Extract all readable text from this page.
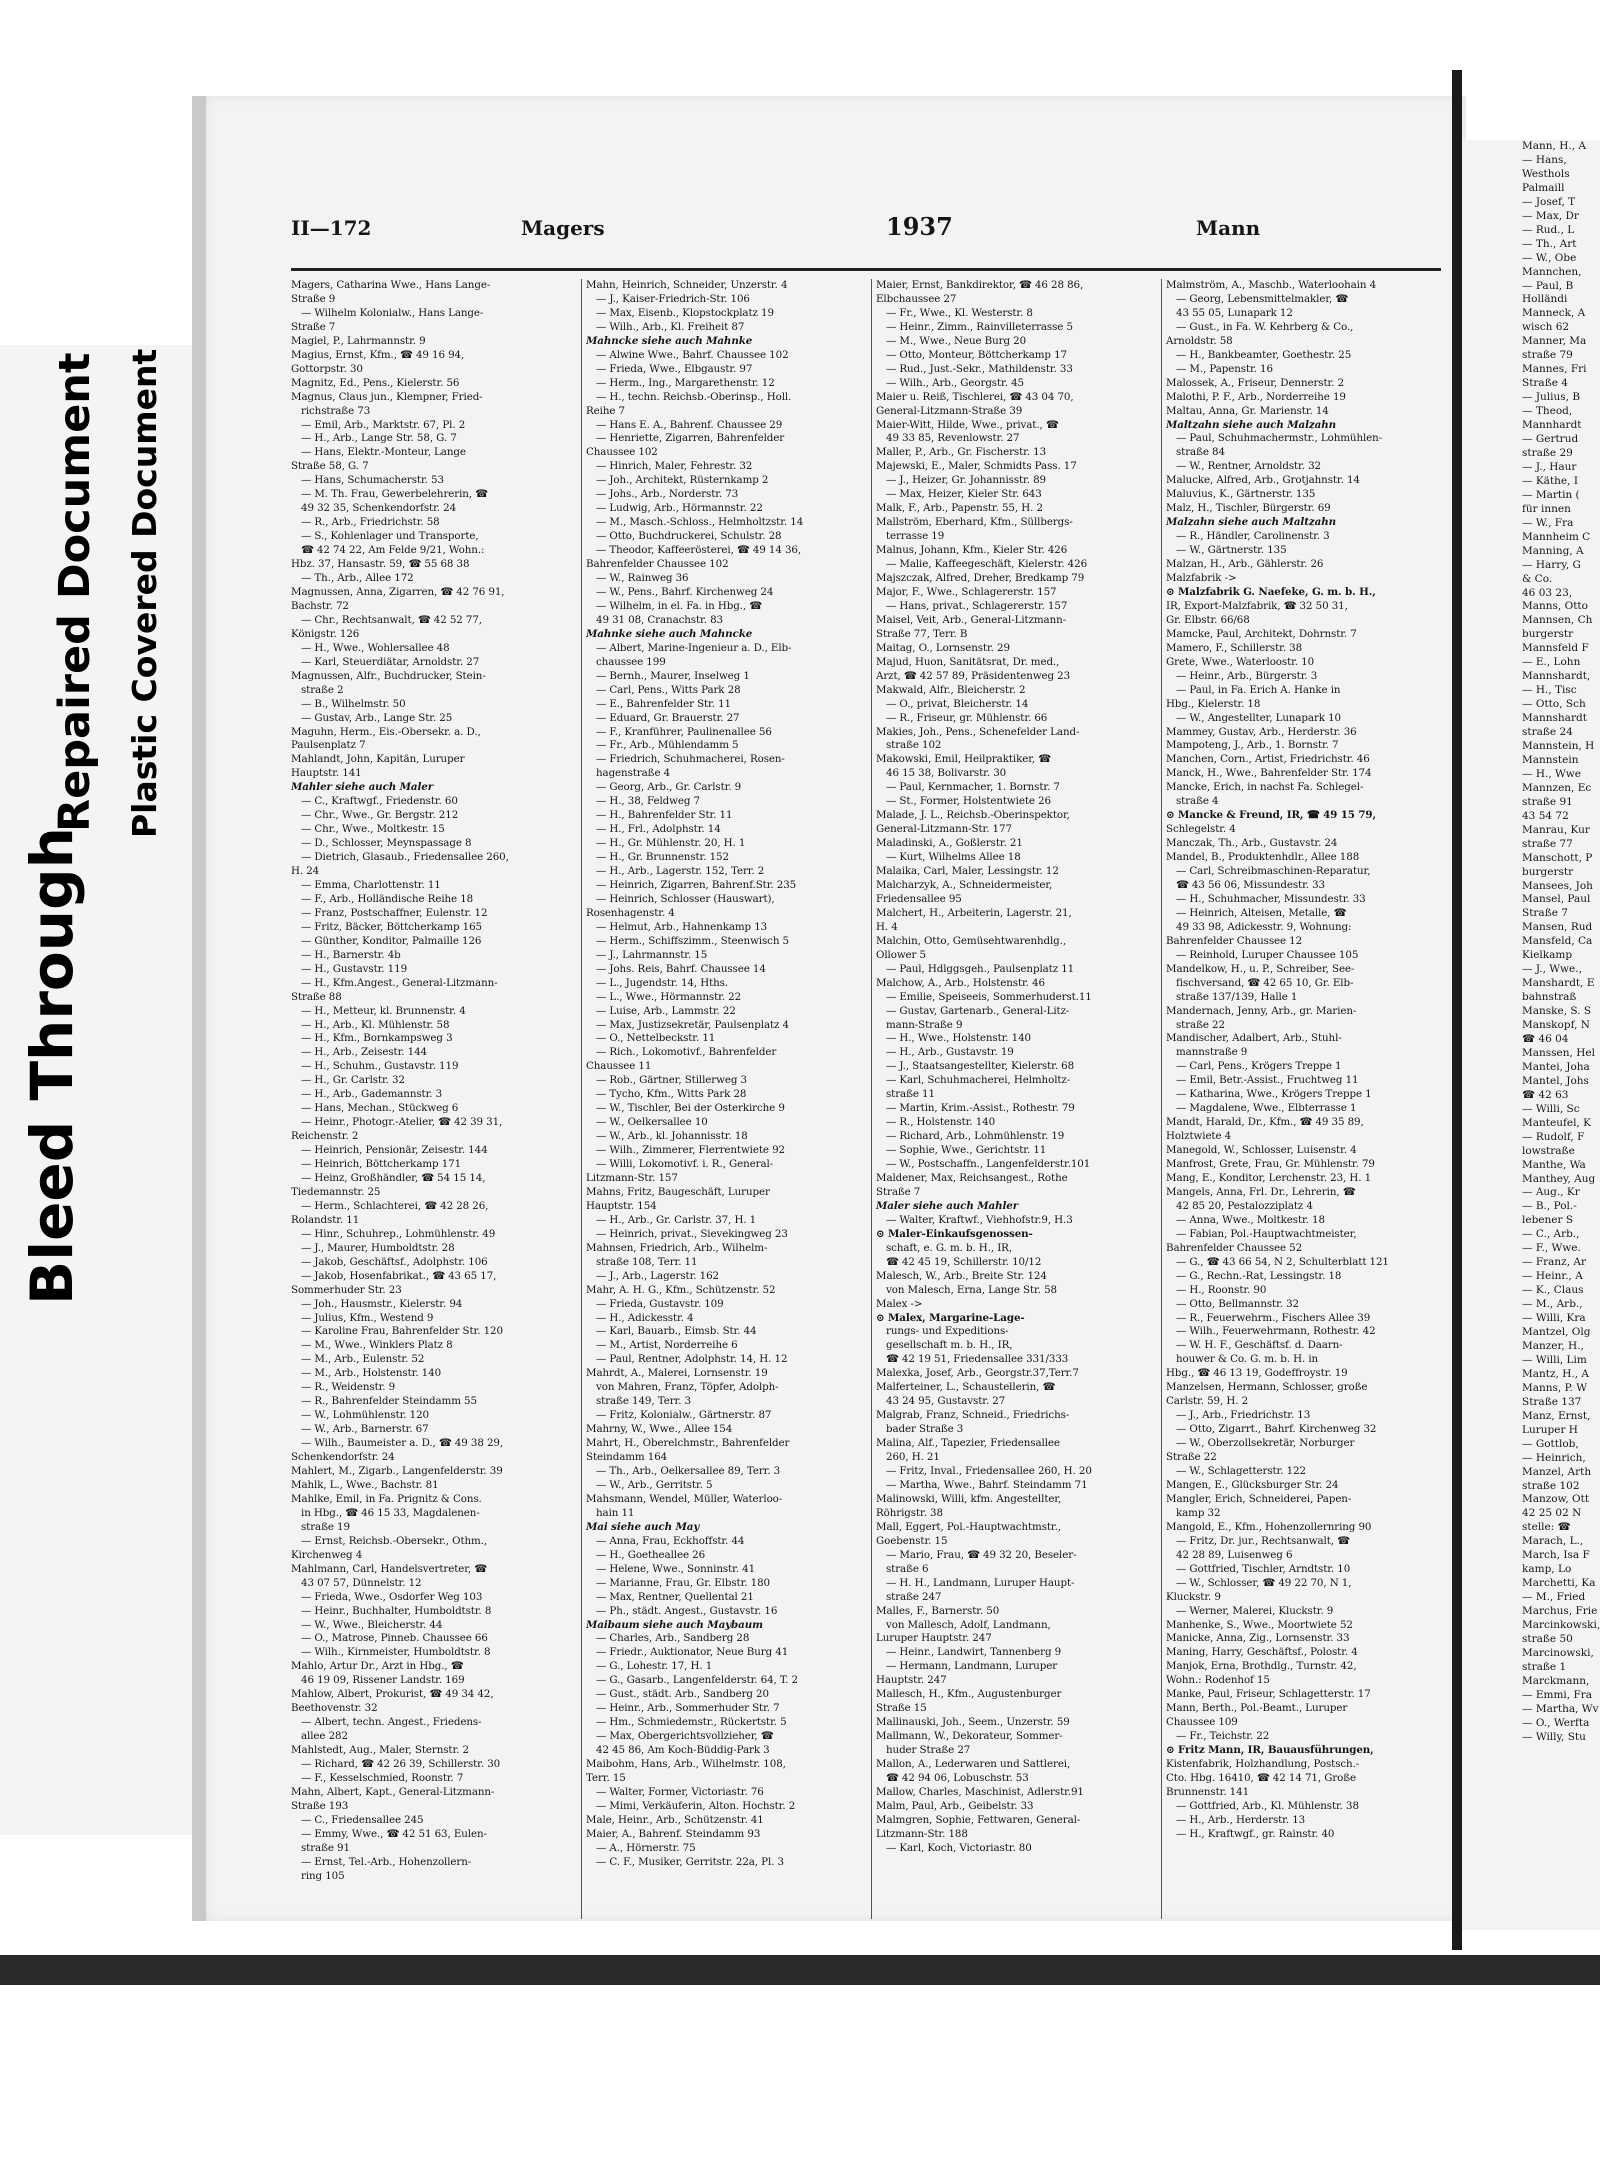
Bleed Through
Repaired Document Plastic Covered Document
II—172	Magers	1937	Mann
Magers, Catharina Wwe., Hans Lange-
Straße 9
— Wilhelm Kolonialw., Hans Lange-
Straße 7
Magiel, P., Lahrmannstr. 9
Magius, Ernst, Kfm., ☎ 49 16 94,
Gottorpstr. 30
Magnitz, Ed., Pens., Kielerstr. 56
Magnus, Claus jun., Klempner, Fried-
richstraße 73
— Emil, Arb., Marktstr. 67, Pl. 2
— H., Arb., Lange Str. 58, G. 7
— Hans, Elektr.-Monteur, Lange
Straße 58, G. 7
— Hans, Schumacherstr. 53
— M. Th. Frau, Gewerbelehrerin, ☎
49 32 35, Schenkendorfstr. 24
— R., Arb., Friedrichstr. 58
— S., Kohlenlager und Transporte,
☎ 42 74 22, Am Felde 9/21, Wohn.:
Hbz. 37, Hansastr. 59, ☎ 55 68 38
— Th., Arb., Allee 172
Magnussen, Anna, Zigarren, ☎ 42 76 91,
Bachstr. 72
— Chr., Rechtsanwalt, ☎ 42 52 77,
Königstr. 126
— H., Wwe., Wohlersallee 48
— Karl, Steuerdiätar, Arnoldstr. 27
Magnussen, Alfr., Buchdrucker, Stein-
straße 2
— B., Wilhelmstr. 50
— Gustav, Arb., Lange Str. 25
Maguhn, Herm., Eis.-Obersekr. a. D.,
Paulsenplatz 7
Mahlandt, John, Kapitän, Luruper
Hauptstr. 141
Mahler siehe auch Maler
— C., Kraftwgf., Friedenstr. 60
— Chr., Wwe., Gr. Bergstr. 212
— Chr., Wwe., Moltkestr. 15
— D., Schlosser, Meynspassage 8
— Dietrich, Glasaub., Friedensallee 260,
H. 24
— Emma, Charlottenstr. 11
— F., Arb., Holländische Reihe 18
— Franz, Postschaffner, Eulenstr. 12
— Fritz, Bäcker, Böttcherkamp 165
— Günther, Konditor, Palmaille 126
— H., Barnerstr. 4b
— H., Gustavstr. 119
— H., Kfm.Angest., General-Litzmann-
Straße 88
— H., Metteur, kl. Brunnenstr. 4
— H., Arb., Kl. Mühlenstr. 58
— H., Kfm., Bornkampsweg 3
— H., Arb., Zeisestr. 144
— H., Schuhm., Gustavstr. 119
— H., Gr. Carlstr. 32
— H., Arb., Gademannstr. 3
— Hans, Mechan., Stückweg 6
— Heinr., Photogr.-Atelier, ☎ 42 39 31,
Reichenstr. 2
— Heinrich, Pensionär, Zeisestr. 144
— Heinrich, Böttcherkamp 171
— Heinz, Großhändler, ☎ 54 15 14,
Tiedemannstr. 25
— Herm., Schlachterei, ☎ 42 28 26,
Rolandstr. 11
— Hinr., Schuhrep., Lohmühlenstr. 49
— J., Maurer, Humboldtstr. 28
— Jakob, Geschäftsf., Adolphstr. 106
— Jakob, Hosenfabrikat., ☎ 43 65 17,
Sommerhuder Str. 23
— Joh., Hausmstr., Kielerstr. 94
— Julius, Kfm., Westend 9
— Karoline Frau, Bahrenfelder Str. 120
— M., Wwe., Winklers Platz 8
— M., Arb., Eulenstr. 52
— M., Arb., Holstenstr. 140
— R., Weidenstr. 9
— R., Bahrenfelder Steindamm 55
— W., Lohmühlenstr. 120
— W., Arb., Barnerstr. 67
— Wilh., Baumeister a. D., ☎ 49 38 29,
Schenkendorfstr. 24
Mahlert, M., Zigarb., Langenfelderstr. 39
Mahlk, L., Wwe., Bachstr. 81
Mahlke, Emil, in Fa. Prignitz & Cons.
in Hbg., ☎ 46 15 33, Magdalenen-
straße 19
— Ernst, Reichsb.-Obersekr., Othm.,
Kirchenweg 4
Mahlmann, Carl, Handelsvertreter, ☎
43 07 57, Dünnelstr. 12
— Frieda, Wwe., Osdorfer Weg 103
— Heinr., Buchhalter, Humboldtstr. 8
— W., Wwe., Bleicherstr. 44
— O., Matrose, Pinneb. Chaussee 66
— Wilh., Kirnmeister, Humboldtstr. 8
Mahlo, Artur Dr., Arzt in Hbg., ☎
46 19 09, Rissener Landstr. 169
Mahlow, Albert, Prokurist, ☎ 49 34 42,
Beethovenstr. 32
— Albert, techn. Angest., Friedens-
allee 282
Mahlstedt, Aug., Maler, Sternstr. 2
— Richard, ☎ 42 26 39, Schillerstr. 30
— F., Kesselschmied, Roonstr. 7
Mahn, Albert, Kapt., General-Litzmann-
Straße 193
— C., Friedensallee 245
— Emmy, Wwe., ☎ 42 51 63, Eulen-
straße 91
— Ernst, Tel.-Arb., Hohenzollern-
ring 105
Mahn, Heinrich, Schneider, Unzerstr. 4
— J., Kaiser-Friedrich-Str. 106
— Max, Eisenb., Klopstockplatz 19
— Wilh., Arb., Kl. Freiheit 87
Mahncke siehe auch Mahnke
— Alwine Wwe., Bahrf. Chaussee 102
— Frieda, Wwe., Elbgaustr. 97
— Herm., Ing., Margarethenstr. 12
— H., techn. Reichsb.-Oberinsp., Holl.
Reihe 7
— Hans E. A., Bahrenf. Chaussee 29
— Henriette, Zigarren, Bahrenfelder
Chaussee 102
— Hinrich, Maler, Fehrestr. 32
— Joh., Architekt, Rüsternkamp 2
— Johs., Arb., Norderstr. 73
— Ludwig, Arb., Hörmannstr. 22
— M., Masch.-Schloss., Helmholtzstr. 14
— Otto, Buchdruckerei, Schulstr. 28
— Theodor, Kaffeerösterei, ☎ 49 14 36,
Bahrenfelder Chaussee 102
— W., Rainweg 36
— W., Pens., Bahrf. Kirchenweg 24
— Wilhelm, in el. Fa. in Hbg., ☎
49 31 08, Cranachstr. 83
Mahnke siehe auch Mahncke
— Albert, Marine-Ingenieur a. D., Elb-
chaussee 199
— Bernh., Maurer, Inselweg 1
— Carl, Pens., Witts Park 28
— E., Bahrenfelder Str. 11
— Eduard, Gr. Brauerstr. 27
— F., Kranführer, Paulinenallee 56
— Fr., Arb., Mühlendamm 5
— Friedrich, Schuhmacherei, Rosen-
hagenstraße 4
— Georg, Arb., Gr. Carlstr. 9
— H., 38, Feldweg 7
— H., Bahrenfelder Str. 11
— H., Frl., Adolphstr. 14
— H., Gr. Mühlenstr. 20, H. 1
— H., Gr. Brunnenstr. 152
— H., Arb., Lagerstr. 152, Terr. 2
— Heinrich, Zigarren, Bahrenf.Str. 235
— Heinrich, Schlosser (Hauswart),
Rosenhagenstr. 4
— Helmut, Arb., Hahnenkamp 13
— Herm., Schiffszimm., Steenwisch 5
— J., Lahrmannstr. 15
— Johs. Reis, Bahrf. Chaussee 14
— L., Jugendstr. 14, Hths.
— L., Wwe., Hörmannstr. 22
— Luise, Arb., Lammstr. 22
— Max, Justizsekretär, Paulsenplatz 4
— O., Nettelbeckstr. 11
— Rich., Lokomotivf., Bahrenfelder
Chaussee 11
— Rob., Gärtner, Stillerweg 3
— Tycho, Kfm., Witts Park 28
— W., Tischler, Bei der Osterkirche 9
— W., Oelkersallee 10
— W., Arb., kl. Johannisstr. 18
— Wilh., Zimmerer, Flerrentwiete 92
— Willi, Lokomotivf. i. R., General-
Litzmann-Str. 157
Mahns, Fritz, Baugeschäft, Luruper
Hauptstr. 154
— H., Arb., Gr. Carlstr. 37, H. 1
— Heinrich, privat., Sievekingweg 23
Mahnsen, Friedrich, Arb., Wilhelm-
straße 108, Terr. 11
— J., Arb., Lagerstr. 162
Mahr, A. H. G., Kfm., Schützenstr. 52
— Frieda, Gustavstr. 109
— H., Adickesstr. 4
— Karl, Bauarb., Eimsb. Str. 44
— M., Artist, Norderreihe 6
— Paul, Rentner, Adolphstr. 14, H. 12
Mahrdt, A., Malerei, Lornsenstr. 19
von Mahren, Franz, Töpfer, Adolph-
straße 149, Terr. 3
— Fritz, Kolonialw., Gärtnerstr. 87
Mahrny, W., Wwe., Allee 154
Mahrt, H., Oberelchmstr., Bahrenfelder
Steindamm 164
— Th., Arb., Oelkersallee 89, Terr. 3
— W., Arb., Gerritstr. 5
Mahsmann, Wendel, Müller, Waterloo-
hain 11
Mai siehe auch May
— Anna, Frau, Eckhoffstr. 44
— H., Goetheallee 26
— Helene, Wwe., Sonninstr. 41
— Marianne, Frau, Gr. Elbstr. 180
— Max, Rentner, Quellental 21
— Ph., städt. Angest., Gustavstr. 16
Maibaum siehe auch Maybaum
— Charles, Arb., Sandberg 28
— Friedr., Auktionator, Neue Burg 41
— G., Lohestr. 17, H. 1
— G., Gasarb., Langenfelderstr. 64, T. 2
— Gust., städt. Arb., Sandberg 20
— Heinr., Arb., Sommerhuder Str. 7
— Hm., Schmiedemstr., Rückertstr. 5
— Max, Obergerichtsvollzieher, ☎
42 45 86, Am Koch-Büddig-Park 3
Maibohm, Hans, Arb., Wilhelmstr. 108,
Terr. 15
— Walter, Former, Victoriastr. 76
— Mimi, Verkäuferin, Alton. Hochstr. 2
Male, Heinr., Arb., Schützenstr. 41
Maier, A., Bahrenf. Steindamm 93
— A., Hörnerstr. 75
— C. F., Musiker, Gerritstr. 22a, Pl. 3
Maier, Ernst, Bankdirektor, ☎ 46 28 86,
Elbchaussee 27
— Fr., Wwe., Kl. Westerstr. 8
— Heinr., Zimm., Rainvilleterrasse 5
— M., Wwe., Neue Burg 20
— Otto, Monteur, Böttcherkamp 17
— Rud., Just.-Sekr., Mathildenstr. 33
— Wilh., Arb., Georgstr. 45
Maier u. Reiß, Tischlerei, ☎ 43 04 70,
General-Litzmann-Straße 39
Maier-Witt, Hilde, Wwe., privat., ☎
49 33 85, Revenlowstr. 27
Maller, P., Arb., Gr. Fischerstr. 13
Majewski, E., Maler, Schmidts Pass. 17
— J., Heizer, Gr. Johannisstr. 89
— Max, Heizer, Kieler Str. 643
Malk, F., Arb., Papenstr. 55, H. 2
Mallström, Eberhard, Kfm., Süllbergs-
terrasse 19
Malnus, Johann, Kfm., Kieler Str. 426
— Malie, Kaffeegeschäft, Kielerstr. 426
Majszczak, Alfred, Dreher, Bredkamp 79
Major, F., Wwe., Schlagererstr. 157
— Hans, privat., Schlagererstr. 157
Maisel, Veit, Arb., General-Litzmann-
Straße 77, Terr. B
Maitag, O., Lornsenstr. 29
Majud, Huon, Sanitätsrat, Dr. med.,
Arzt, ☎ 42 57 89, Präsidentenweg 23
Makwald, Alfr., Bleicherstr. 2
— O., privat, Bleicherstr. 14
— R., Friseur, gr. Mühlenstr. 66
Makies, Joh., Pens., Schenefelder Land-
straße 102
Makowski, Emil, Heilpraktiker, ☎
46 15 38, Bolivarstr. 30
— Paul, Kernmacher, 1. Bornstr. 7
— St., Former, Holstentwiete 26
Malade, J. L., Reichsb.-Oberinspektor,
General-Litzmann-Str. 177
Maladinski, A., Goßlerstr. 21
— Kurt, Wilhelms Allee 18
Malaika, Carl, Maler, Lessingstr. 12
Malcharzyk, A., Schneidermeister,
Friedensallee 95
Malchert, H., Arbeiterin, Lagerstr. 21,
H. 4
Malchin, Otto, Gemüsehtwarenhdlg.,
Ollower 5
— Paul, Hdlggsgeh., Paulsenplatz 11
Malchow, A., Arb., Holstenstr. 46
— Emilie, Speiseeis, Sommerhuderst.11
— Gustav, Gartenarb., General-Litz-
mann-Straße 9
— H., Wwe., Holstenstr. 140
— H., Arb., Gustavstr. 19
— J., Staatsangestellter, Kielerstr. 68
— Karl, Schuhmacherei, Helmholtz-
straße 11
— Martin, Krim.-Assist., Rothestr. 79
— R., Holstenstr. 140
— Richard, Arb., Lohmühlenstr. 19
— Sophie, Wwe., Gerichtstr. 11
— W., Postschaffn., Langenfelderstr.101
Maldener, Max, Reichsangest., Rothe
Straße 7
Maler siehe auch Mahler
— Walter, Kraftwf., Viehhofstr.9, H.3
⊙ Maler-Einkaufsgenossen-
schaft, e. G. m. b. H., IR,
☎ 42 45 19, Schillerstr. 10/12
Malesch, W., Arb., Breite Str. 124
von Malesch, Erna, Lange Str. 58
Malex ->
⊙ Malex, Margarine-Lage-
rungs- und Expeditions-
gesellschaft m. b. H., IR,
☎ 42 19 51, Friedensallee 331/333
Malexka, Josef, Arb., Georgstr.37,Terr.7
Malferteiner, L., Schaustellerin, ☎
43 24 95, Gustavstr. 27
Malgrab, Franz, Schneid., Friedrichs-
bader Straße 3
Malina, Alf., Tapezier, Friedensallee
260, H. 21
— Fritz, Inval., Friedensallee 260, H. 20
— Martha, Wwe., Bahrf. Steindamm 71
Malinowski, Willi, kfm. Angestellter,
Röhrigstr. 38
Mall, Eggert, Pol.-Hauptwachtmstr.,
Goebenstr. 15
— Mario, Frau, ☎ 49 32 20, Beseler-
straße 6
— H. H., Landmann, Luruper Haupt-
straße 247
Malles, F., Barnerstr. 50
von Mallesch, Adolf, Landmann,
Luruper Hauptstr. 247
— Heinr., Landwirt, Tannenberg 9
— Hermann, Landmann, Luruper
Hauptstr. 247
Mallesch, H., Kfm., Augustenburger
Straße 15
Mallinauski, Joh., Seem., Unzerstr. 59
Mallmann, W., Dekorateur, Sommer-
huder Straße 27
Mallon, A., Lederwaren und Sattlerei,
☎ 42 94 06, Lobuschstr. 53
Mallow, Charles, Maschinist, Adlerstr.91
Malm, Paul, Arb., Geibelstr. 33
Malmgren, Sophie, Fettwaren, General-
Litzmann-Str. 188
— Karl, Koch, Victoriastr. 80
Malmström, A., Maschb., Waterloohain 4
— Georg, Lebensmittelmakler, ☎
43 55 05, Lunapark 12
— Gust., in Fa. W. Kehrberg & Co.,
Arnoldstr. 58
— H., Bankbeamter, Goethestr. 25
— M., Papenstr. 16
Malossek, A., Friseur, Dennerstr. 2
Malothi, P. F., Arb., Norderreihe 19
Maltau, Anna, Gr. Marienstr. 14
Maltzahn siehe auch Malzahn
— Paul, Schuhmachermstr., Lohmühlen-
straße 84
— W., Rentner, Arnoldstr. 32
Malucke, Alfred, Arb., Grotjahnstr. 14
Maluvius, K., Gärtnerstr. 135
Malz, H., Tischler, Bürgerstr. 69
Malzahn siehe auch Maltzahn
— R., Händler, Carolinenstr. 3
— W., Gärtnerstr. 135
Malzan, H., Arb., Gählerstr. 26
Malzfabrik ->
⊙ Malzfabrik G. Naefeke, G. m. b. H.,
IR, Export-Malzfabrik, ☎ 32 50 31,
Gr. Elbstr. 66/68
Mamcke, Paul, Architekt, Dohrnstr. 7
Mamero, F., Schillerstr. 38
Grete, Wwe., Waterloostr. 10
— Heinr., Arb., Bürgerstr. 3
— Paul, in Fa. Erich A. Hanke in
Hbg., Kielerstr. 18
— W., Angestellter, Lunapark 10
Mammey, Gustav, Arb., Herderstr. 36
Mampoteng, J., Arb., 1. Bornstr. 7
Manchen, Corn., Artist, Friedrichstr. 46
Manck, H., Wwe., Bahrenfelder Str. 174
Mancke, Erich, in nachst Fa. Schlegel-
straße 4
⊙ Mancke & Freund, IR, ☎ 49 15 79,
Schlegelstr. 4
Manczak, Th., Arb., Gustavstr. 24
Mandel, B., Produktenhdlr., Allee 188
— Carl, Schreibmaschinen-Reparatur,
☎ 43 56 06, Missundestr. 33
— H., Schuhmacher, Missundestr. 33
— Heinrich, Alteisen, Metalle, ☎
49 33 98, Adickesstr. 9, Wohnung:
Bahrenfelder Chaussee 12
— Reinhold, Luruper Chaussee 105
Mandelkow, H., u. P., Schreiber, See-
fischversand, ☎ 42 65 10, Gr. Elb-
straße 137/139, Halle 1
Mandernach, Jenny, Arb., gr. Marien-
straße 22
Mandischer, Adalbert, Arb., Stuhl-
mannstraße 9
— Carl, Pens., Krögers Treppe 1
— Emil, Betr.-Assist., Fruchtweg 11
— Katharina, Wwe., Krögers Treppe 1
— Magdalene, Wwe., Elbterrasse 1
Mandt, Harald, Dr., Kfm., ☎ 49 35 89,
Holztwiete 4
Manegold, W., Schlosser, Luisenstr. 4
Manfrost, Grete, Frau, Gr. Mühlenstr. 79
Mang, E., Konditor, Lerchenstr. 23, H. 1
Mangels, Anna, Frl. Dr., Lehrerin, ☎
42 85 20, Pestalozziplatz 4
— Anna, Wwe., Moltkestr. 18
— Fabian, Pol.-Hauptwachtmeister,
Bahrenfelder Chaussee 52
— G., ☎ 43 66 54, N 2, Schulterblatt 121
— G., Rechn.-Rat, Lessingstr. 18
— H., Roonstr. 90
— Otto, Bellmannstr. 32
— R., Feuerwehrm., Fischers Allee 39
— Wilh., Feuerwehrmann, Rothestr. 42
— W. H. F., Geschäftsf. d. Daarn-
houwer & Co. G. m. b. H. in
Hbg., ☎ 46 13 19, Godeffroystr. 19
Manzelsen, Hermann, Schlosser, große
Carlstr. 59, H. 2
— J., Arb., Friedrichstr. 13
— Otto, Zigarrt., Bahrf. Kirchenweg 32
— W., Oberzollsekretär, Norburger
Straße 22
— W., Schlagetterstr. 122
Mangen, E., Glücksburger Str. 24
Mangler, Erich, Schneiderei, Papen-
kamp 32
Mangold, E., Kfm., Hohenzollernring 90
— Fritz, Dr. jur., Rechtsanwalt, ☎
42 28 89, Luisenweg 6
— Gottfried, Tischler, Arndtstr. 10
— W., Schlosser, ☎ 49 22 70, N 1,
Kluckstr. 9
— Werner, Malerei, Kluckstr. 9
Manhenke, S., Wwe., Moortwiete 52
Manicke, Anna, Zig., Lornsenstr. 33
Maning, Harry, Geschäftsf., Polostr. 4
Manjok, Erna, Brothdlg., Turnstr. 42,
Wohn.: Rodenhof 15
Manke, Paul, Friseur, Schlagetterstr. 17
Mann, Berth., Pol.-Beamt., Luruper
Chaussee 109
— Fr., Teichstr. 22
⊙ Fritz Mann, IR, Bauausführungen,
Kistenfabrik, Holzhandlung, Postsch.-
Cto. Hbg. 16410, ☎ 42 14 71, Große
Brunnenstr. 141
— Gottfried, Arb., Kl. Mühlenstr. 38
— H., Arb., Herderstr. 13
— H., Kraftwgf., gr. Rainstr. 40
Mann, H., A
— Hans,
Westhols
Palmaill
— Josef, T
— Max, Dr
— Rud., L
— Th., Art
— W., Obe
Mannchen,
— Paul, B
Holländi
Manneck, A
wisch 62
Manner, Ma
straße 79
Mannes, Fri
Straße 4
— Julius, B
— Theod,
Mannhardt
— Gertrud
straße 29
— J., Haur
— Käthe, I
— Martin (
für innen
— W., Fra
Mannheim C
Manning, A
— Harry, G
& Co.
46 03 23,
Manns, Otto
Mannsen, Ch
burgerstr
Mannsfeld F
— E., Lohn
Mannshardt,
— H., Tisc
— Otto, Sch
Mannshardt
straße 24
Mannstein, H
Mannstein
— H., Wwe
Mannzen, Ec
straße 91
43 54 72
Manrau, Kur
straße 77
Manschott, P
burgerstr
Mansees, Joh
Mansel, Paul
Straße 7
Mansen, Rud
Mansfeld, Ca
Kielkamp
— J., Wwe.,
Manshardt, E
bahnstraß
Manske, S. S
Manskopf, N
☎ 46 04
Manssen, Hel
Mantei, Joha
Mantel, Johs
☎ 42 63
— Willi, Sc
Manteufel, K
— Rudolf, F
lowstraße
Manthe, Wa
Manthey, Aug
— Aug., Kr
— B., Pol.-
lebener S
— C., Arb.,
— F., Wwe.
— Franz, Ar
— Heinr., A
— K., Claus
— M., Arb.,
— Willi, Kra
Mantzel, Olg
Manzer, H.,
— Willi, Lim
Mantz, H., A
Manns, P. W
Straße 137
Manz, Ernst,
Luruper H
— Gottlob,
— Heinrich,
Manzel, Arth
straße 102
Manzow, Ott
42 25 02 N
stelle: ☎
Marach, L.,
March, Isa F
kamp, Lo
Marchetti, Ka
— M., Fried
Marchus, Frie
Marcinkowski,
straße 50
Marcinowski,
straße 1
Marckmann,
— Emmi, Fra
— Martha, Wv
— O., Werfta
— Willy, Stu
